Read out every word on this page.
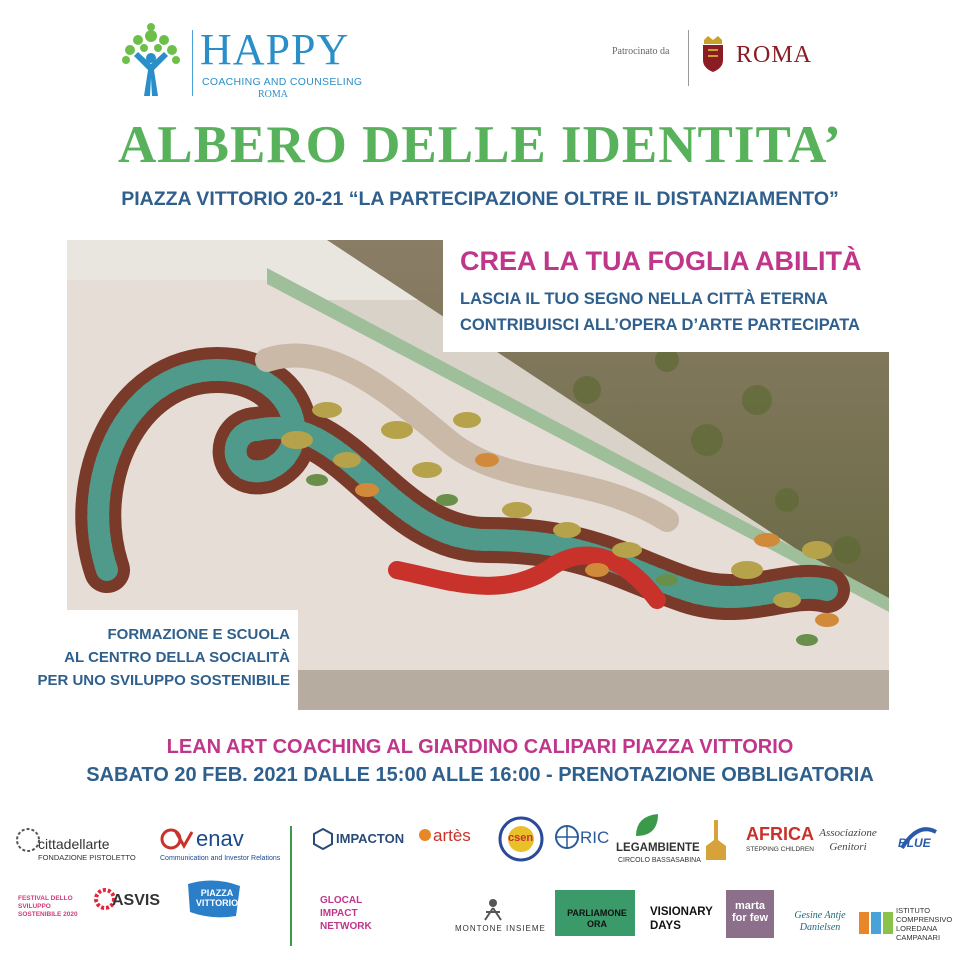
HAPPY
COACHING AND COUNSELING
ROMA
Patrocinato da	ROMA
ALBERO DELLE IDENTITA’
PIAZZA VITTORIO 20-21 “LA PARTECIPAZIONE OLTRE IL DISTANZIAMENTO”
CREA LA TUA FOGLIA ABILITÀ
LASCIA IL TUO SEGNO NELLA CITTÀ ETERNA
CONTRIBUISCI ALL’OPERA D’ARTE PARTECIPATA
FORMAZIONE E SCUOLA
AL CENTRO DELLA SOCIALITÀ
PER UNO SVILUPPO SOSTENIBILE
LEAN ART COACHING AL GIARDINO CALIPARI PIAZZA VITTORIO
SABATO 20 FEB. 2021 DALLE 15:00 ALLE 16:00 - PRENOTAZIONE OBBLIGATORIA
cittadellarte
FONDAZIONE PISTOLETTO
enav
Communication and Investor Relations
FESTIVAL DELLO SVILUPPO SOSTENIBILE 2020
ASVIS	PIAZZA VITTORIO
IMPACTON
GLOCAL IMPACT NETWORK
artès	csen	RIC
LEGAMBIENTE
CIRCOLO BASSASABINA
AFRICA
STEPPING CHILDREN
Associazione Genitori	BLUE
MONTONE INSIEME
PARLIAMONE ORA
VISIONARY DAYS
marta for few	Gesine Antje Danielsen
ISTITUTO COMPRENSIVO LOREDANA CAMPANARI
